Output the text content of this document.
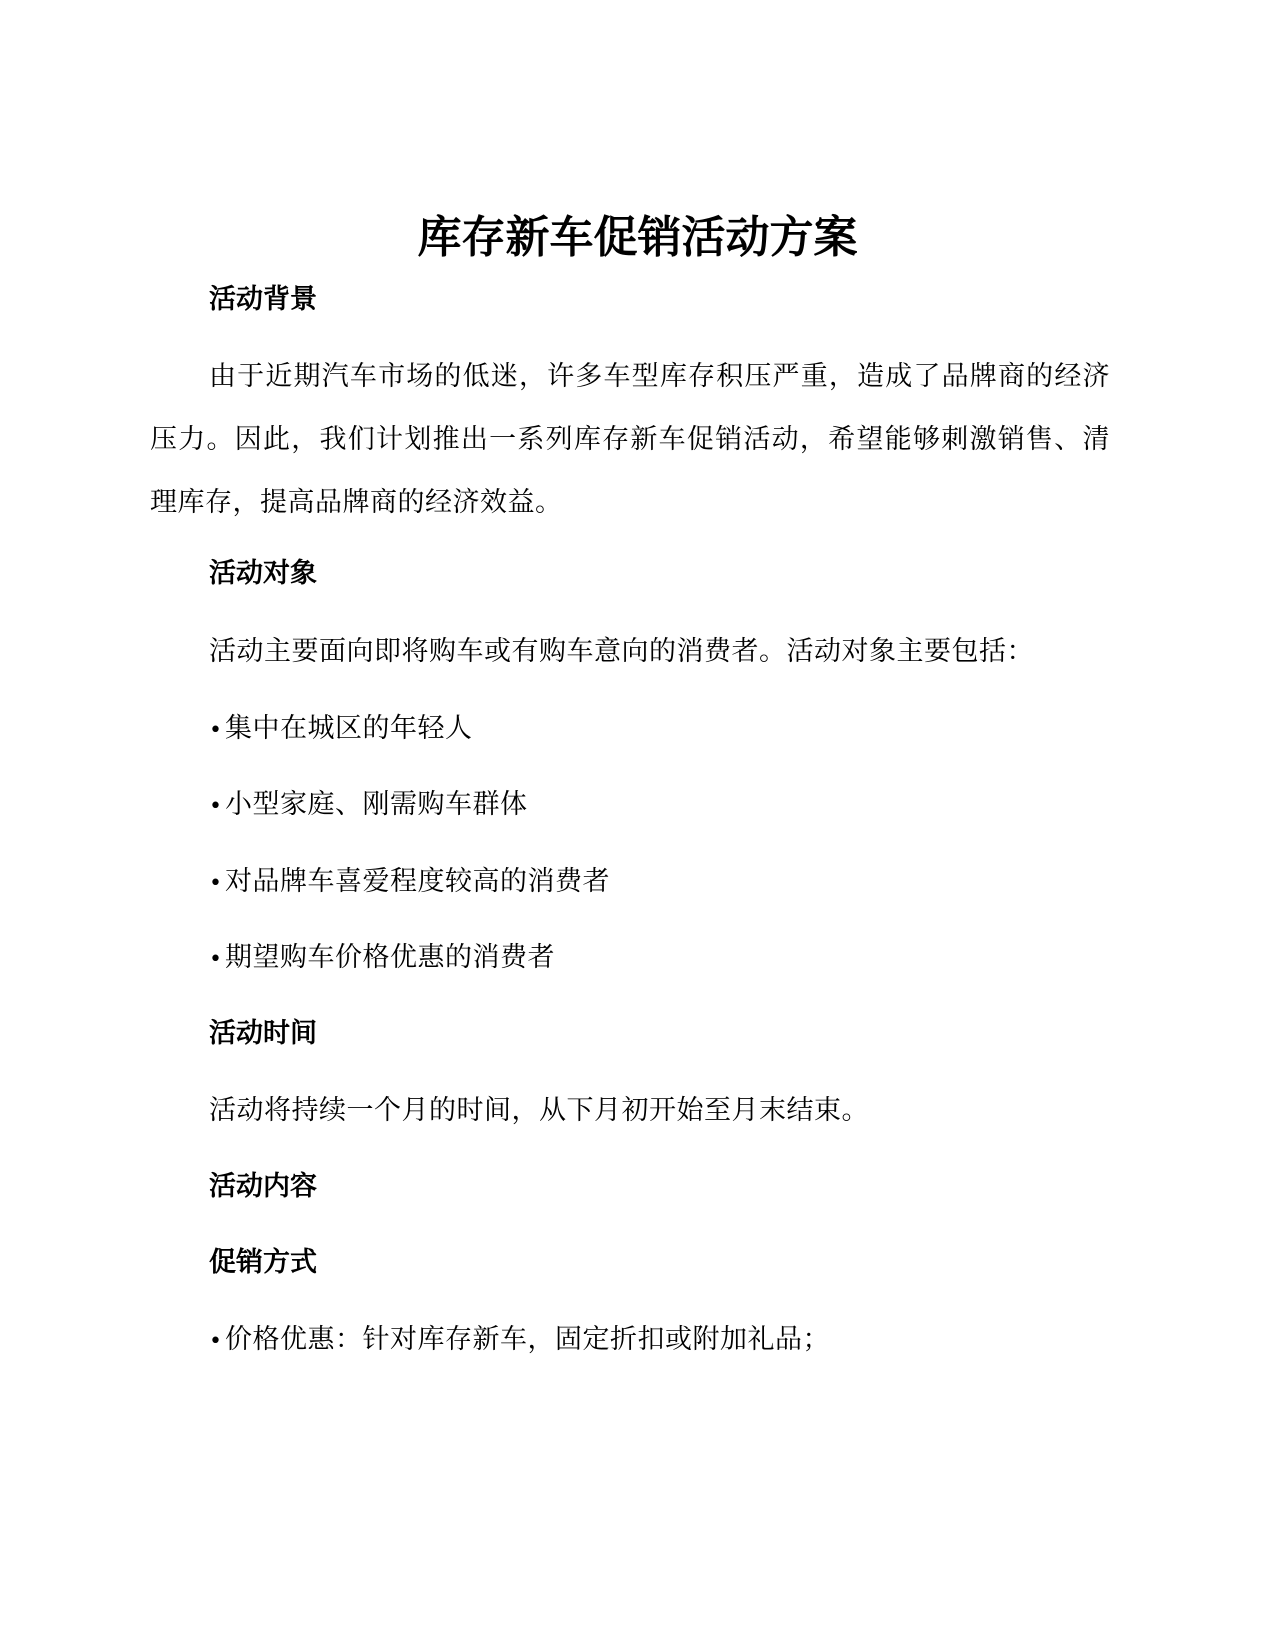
库存新车促销活动方案
活动背景

由于近期汽车市场的低迷，许多车型库存积压严重，造成了品牌商的经济压力。因此，我们计划推出一系列库存新车促销活动，希望能够刺激销售、清理库存，提高品牌商的经济效益。

活动对象

活动主要面向即将购车或有购车意向的消费者。活动对象主要包括：

•集中在城区的年轻人
•小型家庭、刚需购车群体
•对品牌车喜爱程度较高的消费者
•期望购车价格优惠的消费者
活动时间

活动将持续一个月的时间，从下月初开始至月末结束。

活动内容
促销方式
•价格优惠：针对库存新车，固定折扣或附加礼品；
